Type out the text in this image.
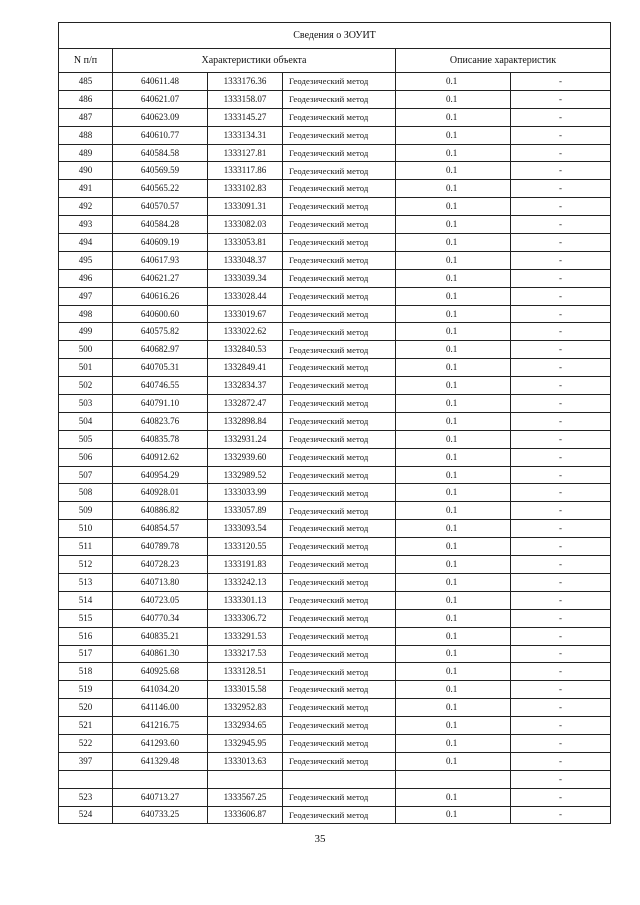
Сведения о ЗОУИТ					
N п/п	Характеристики объекта			Описание характеристик	
485	640611.48	1333176.36	Геодезический метод	0.1	-
486	640621.07	1333158.07	Геодезический метод	0.1	-
487	640623.09	1333145.27	Геодезический метод	0.1	-
488	640610.77	1333134.31	Геодезический метод	0.1	-
489	640584.58	1333127.81	Геодезический метод	0.1	-
490	640569.59	1333117.86	Геодезический метод	0.1	-
491	640565.22	1333102.83	Геодезический метод	0.1	-
492	640570.57	1333091.31	Геодезический метод	0.1	-
493	640584.28	1333082.03	Геодезический метод	0.1	-
494	640609.19	1333053.81	Геодезический метод	0.1	-
495	640617.93	1333048.37	Геодезический метод	0.1	-
496	640621.27	1333039.34	Геодезический метод	0.1	-
497	640616.26	1333028.44	Геодезический метод	0.1	-
498	640600.60	1333019.67	Геодезический метод	0.1	-
499	640575.82	1333022.62	Геодезический метод	0.1	-
500	640682.97	1332840.53	Геодезический метод	0.1	-
501	640705.31	1332849.41	Геодезический метод	0.1	-
502	640746.55	1332834.37	Геодезический метод	0.1	-
503	640791.10	1332872.47	Геодезический метод	0.1	-
504	640823.76	1332898.84	Геодезический метод	0.1	-
505	640835.78	1332931.24	Геодезический метод	0.1	-
506	640912.62	1332939.60	Геодезический метод	0.1	-
507	640954.29	1332989.52	Геодезический метод	0.1	-
508	640928.01	1333033.99	Геодезический метод	0.1	-
509	640886.82	1333057.89	Геодезический метод	0.1	-
510	640854.57	1333093.54	Геодезический метод	0.1	-
511	640789.78	1333120.55	Геодезический метод	0.1	-
512	640728.23	1333191.83	Геодезический метод	0.1	-
513	640713.80	1333242.13	Геодезический метод	0.1	-
514	640723.05	1333301.13	Геодезический метод	0.1	-
515	640770.34	1333306.72	Геодезический метод	0.1	-
516	640835.21	1333291.53	Геодезический метод	0.1	-
517	640861.30	1333217.53	Геодезический метод	0.1	-
518	640925.68	1333128.51	Геодезический метод	0.1	-
519	641034.20	1333015.58	Геодезический метод	0.1	-
520	641146.00	1332952.83	Геодезический метод	0.1	-
521	641216.75	1332934.65	Геодезический метод	0.1	-
522	641293.60	1332945.95	Геодезический метод	0.1	-
397	641329.48	1333013.63	Геодезический метод	0.1	-
					-
523	640713.27	1333567.25	Геодезический метод	0.1	-
524	640733.25	1333606.87	Геодезический метод	0.1	-
35
